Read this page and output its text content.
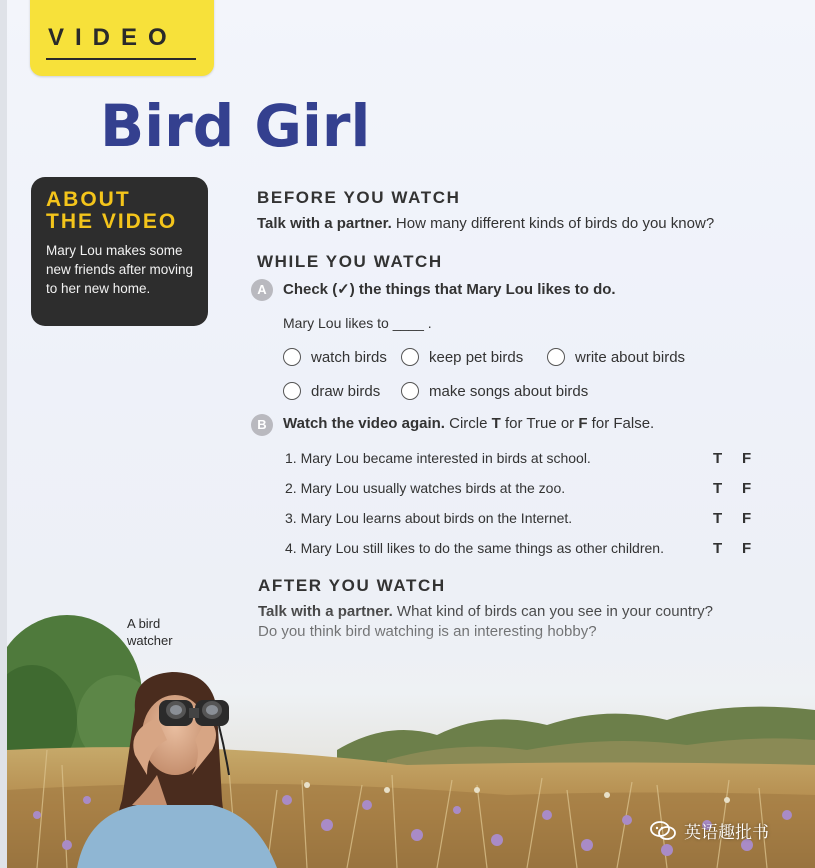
VIDEO
Bird Girl
ABOUT
THE VIDEO
Mary Lou makes some new friends after moving to her new home.
BEFORE YOU WATCH
Talk with a partner. How many different kinds of birds do you know?
WHILE YOU WATCH
A	Check (✓) the things that Mary Lou likes to do.
Mary Lou likes to ____ .
watch birds	keep pet birds	write about birds
draw birds	make songs about birds
B	Watch the video again. Circle T for True or F for False.
1. Mary Lou became interested in birds at school.	T F
2. Mary Lou usually watches birds at the zoo.	T F
3. Mary Lou learns about birds on the Internet.	T F
4. Mary Lou still likes to do the same things as other children.	T F
AFTER YOU WATCH
A bird watcher
英语趣批书
